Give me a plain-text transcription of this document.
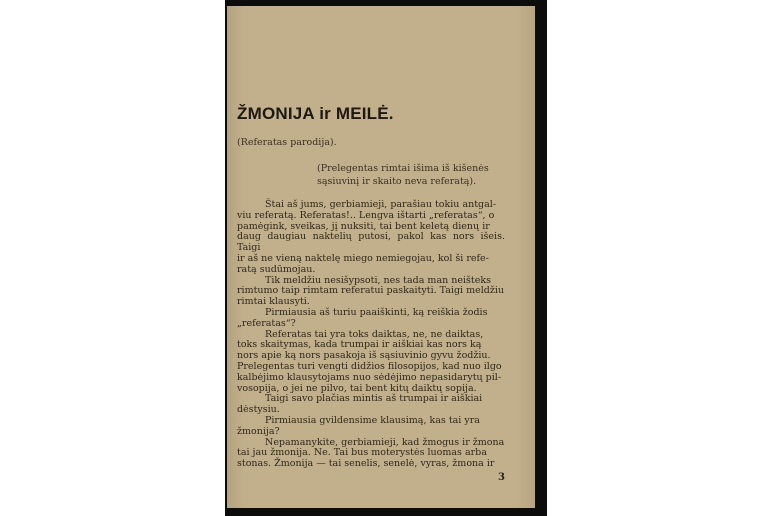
ŽMONIJA ir MEILĖ.

(Referatas parodija).

(Prelegentas rimtai išima iš kišenės sąsiuvinį ir skaito neva referatą).

Štai aš jums, gerbiamieji, parašiau tokiu antgal-

viu referatą. Referatas!.. Lengva ištarti „referatas“, o

pamėgink, sveikas, jį nuksiti, tai bent keletą dienų ir

daug daugiau naktelių putosi, pakol kas nors išeis. Taigi

ir aš ne vieną naktelę miego nemiegojau, kol ši refe-

ratą sudūmojau.

Tik meldžiu nesišypsoti, nes tada man neišteks

rimtumo taip rimtam referatui paskaityti. Taigi meldžiu

rimtai klausyti.

Pirmiausia aš turiu paaiškinti, ką reiškia žodis

„referatas“?

Referatas tai yra toks daiktas, ne, ne daiktas,

toks skaitymas, kada trumpai ir aiškiai kas nors ką

nors apie ką nors pasakoja iš sąsiuvinio gyvu žodžiu.

Prelegentas turi vengti didžios filosopijos, kad nuo ilgo

kalbėjimo klausytojams nuo sėdėjimo nepasidarytų pil-

vosopija, o jei ne pilvo, tai bent kitų daiktų sopija.

Taigi savo plačias mintis aš trumpai ir aiškiai

dėstysiu.

Pirmiausia gvildensime klausimą, kas tai yra

žmonija?

Nepamanykite, gerbiamieji, kad žmogus ir žmona

tai jau žmonija. Ne. Tai bus moterystės luomas arba

stonas. Žmonija — tai senelis, senelė, vyras, žmona ir

3
